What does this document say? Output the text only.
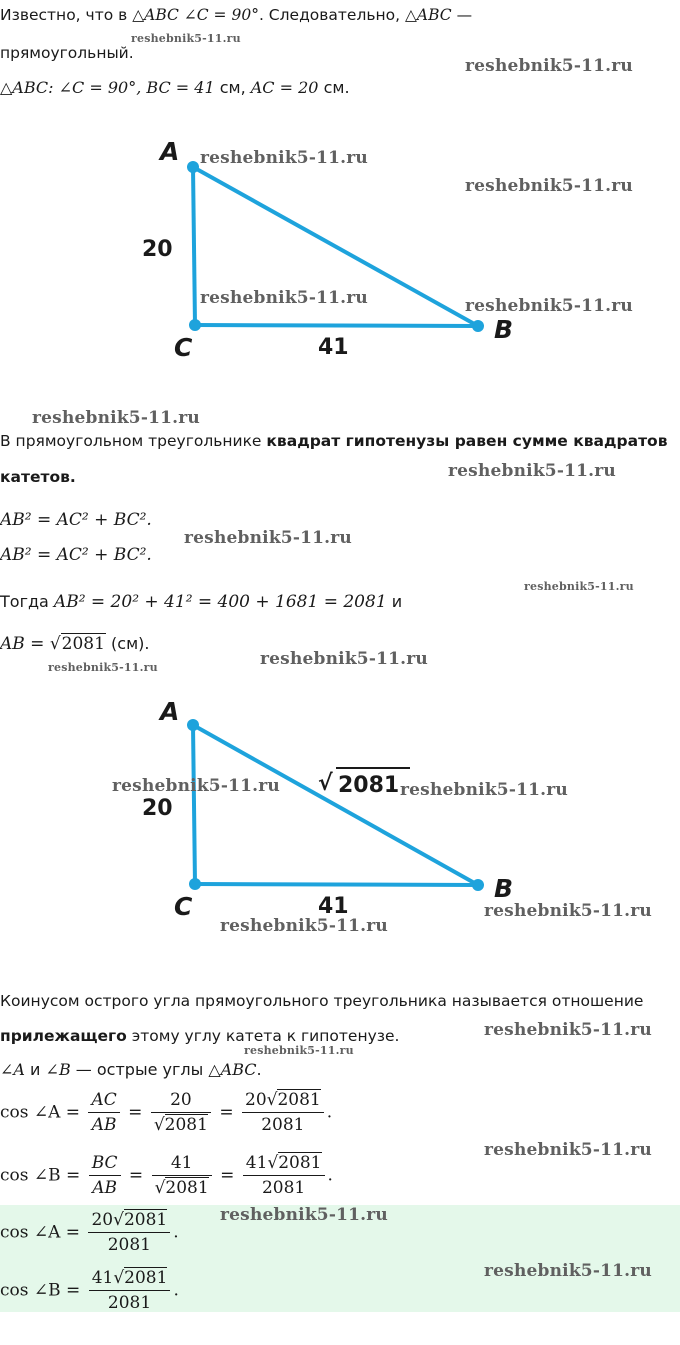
Известно, что в △ABC ∠C = 90°. Следовательно, △ABC —
прямоугольный.
△ABC: ∠C = 90°, BC = 41 см, AC = 20 см.
A
B
C
20
41
В прямоугольном треугольнике квадрат гипотенузы равен сумме квадратов
катетов.
AB² = AC² + BC².
AB² = AC² + BC².
Тогда AB² = 20² + 41² = 400 + 1681 = 2081 и
AB = √2081 (см).
A
B
C
20
41
√ 2081
Коинусом острого угла прямоугольного треугольника называется отношение
прилежащего этому углу катета к гипотенузе.
∠A и ∠B — острые углы △ABC.
cos ∠A = $\frac{AC}{AB} = \frac{20}{√2081} = \frac{20√2081}{2081}$ .
cos ∠B = $\frac{BC}{AB} = \frac{41}{√2081} = \frac{41√2081}{2081}$ .
cos ∠A = $\frac{20√2081}{2081}$ .
cos ∠B = $\frac{41√2081}{2081}$ .
reshebnik5-11.ru
reshebnik5-11.ru
reshebnik5-11.ru
reshebnik5-11.ru
reshebnik5-11.ru	reshebnik5-11.ru
reshebnik5-11.ru
reshebnik5-11.ru
reshebnik5-11.ru
reshebnik5-11.ru
reshebnik5-11.ru
reshebnik5-11.ru
reshebnik5-11.ru	reshebnik5-11.ru
reshebnik5-11.ru
reshebnik5-11.ru
reshebnik5-11.ru
reshebnik5-11.ru
reshebnik5-11.ru
reshebnik5-11.ru
reshebnik5-11.ru
